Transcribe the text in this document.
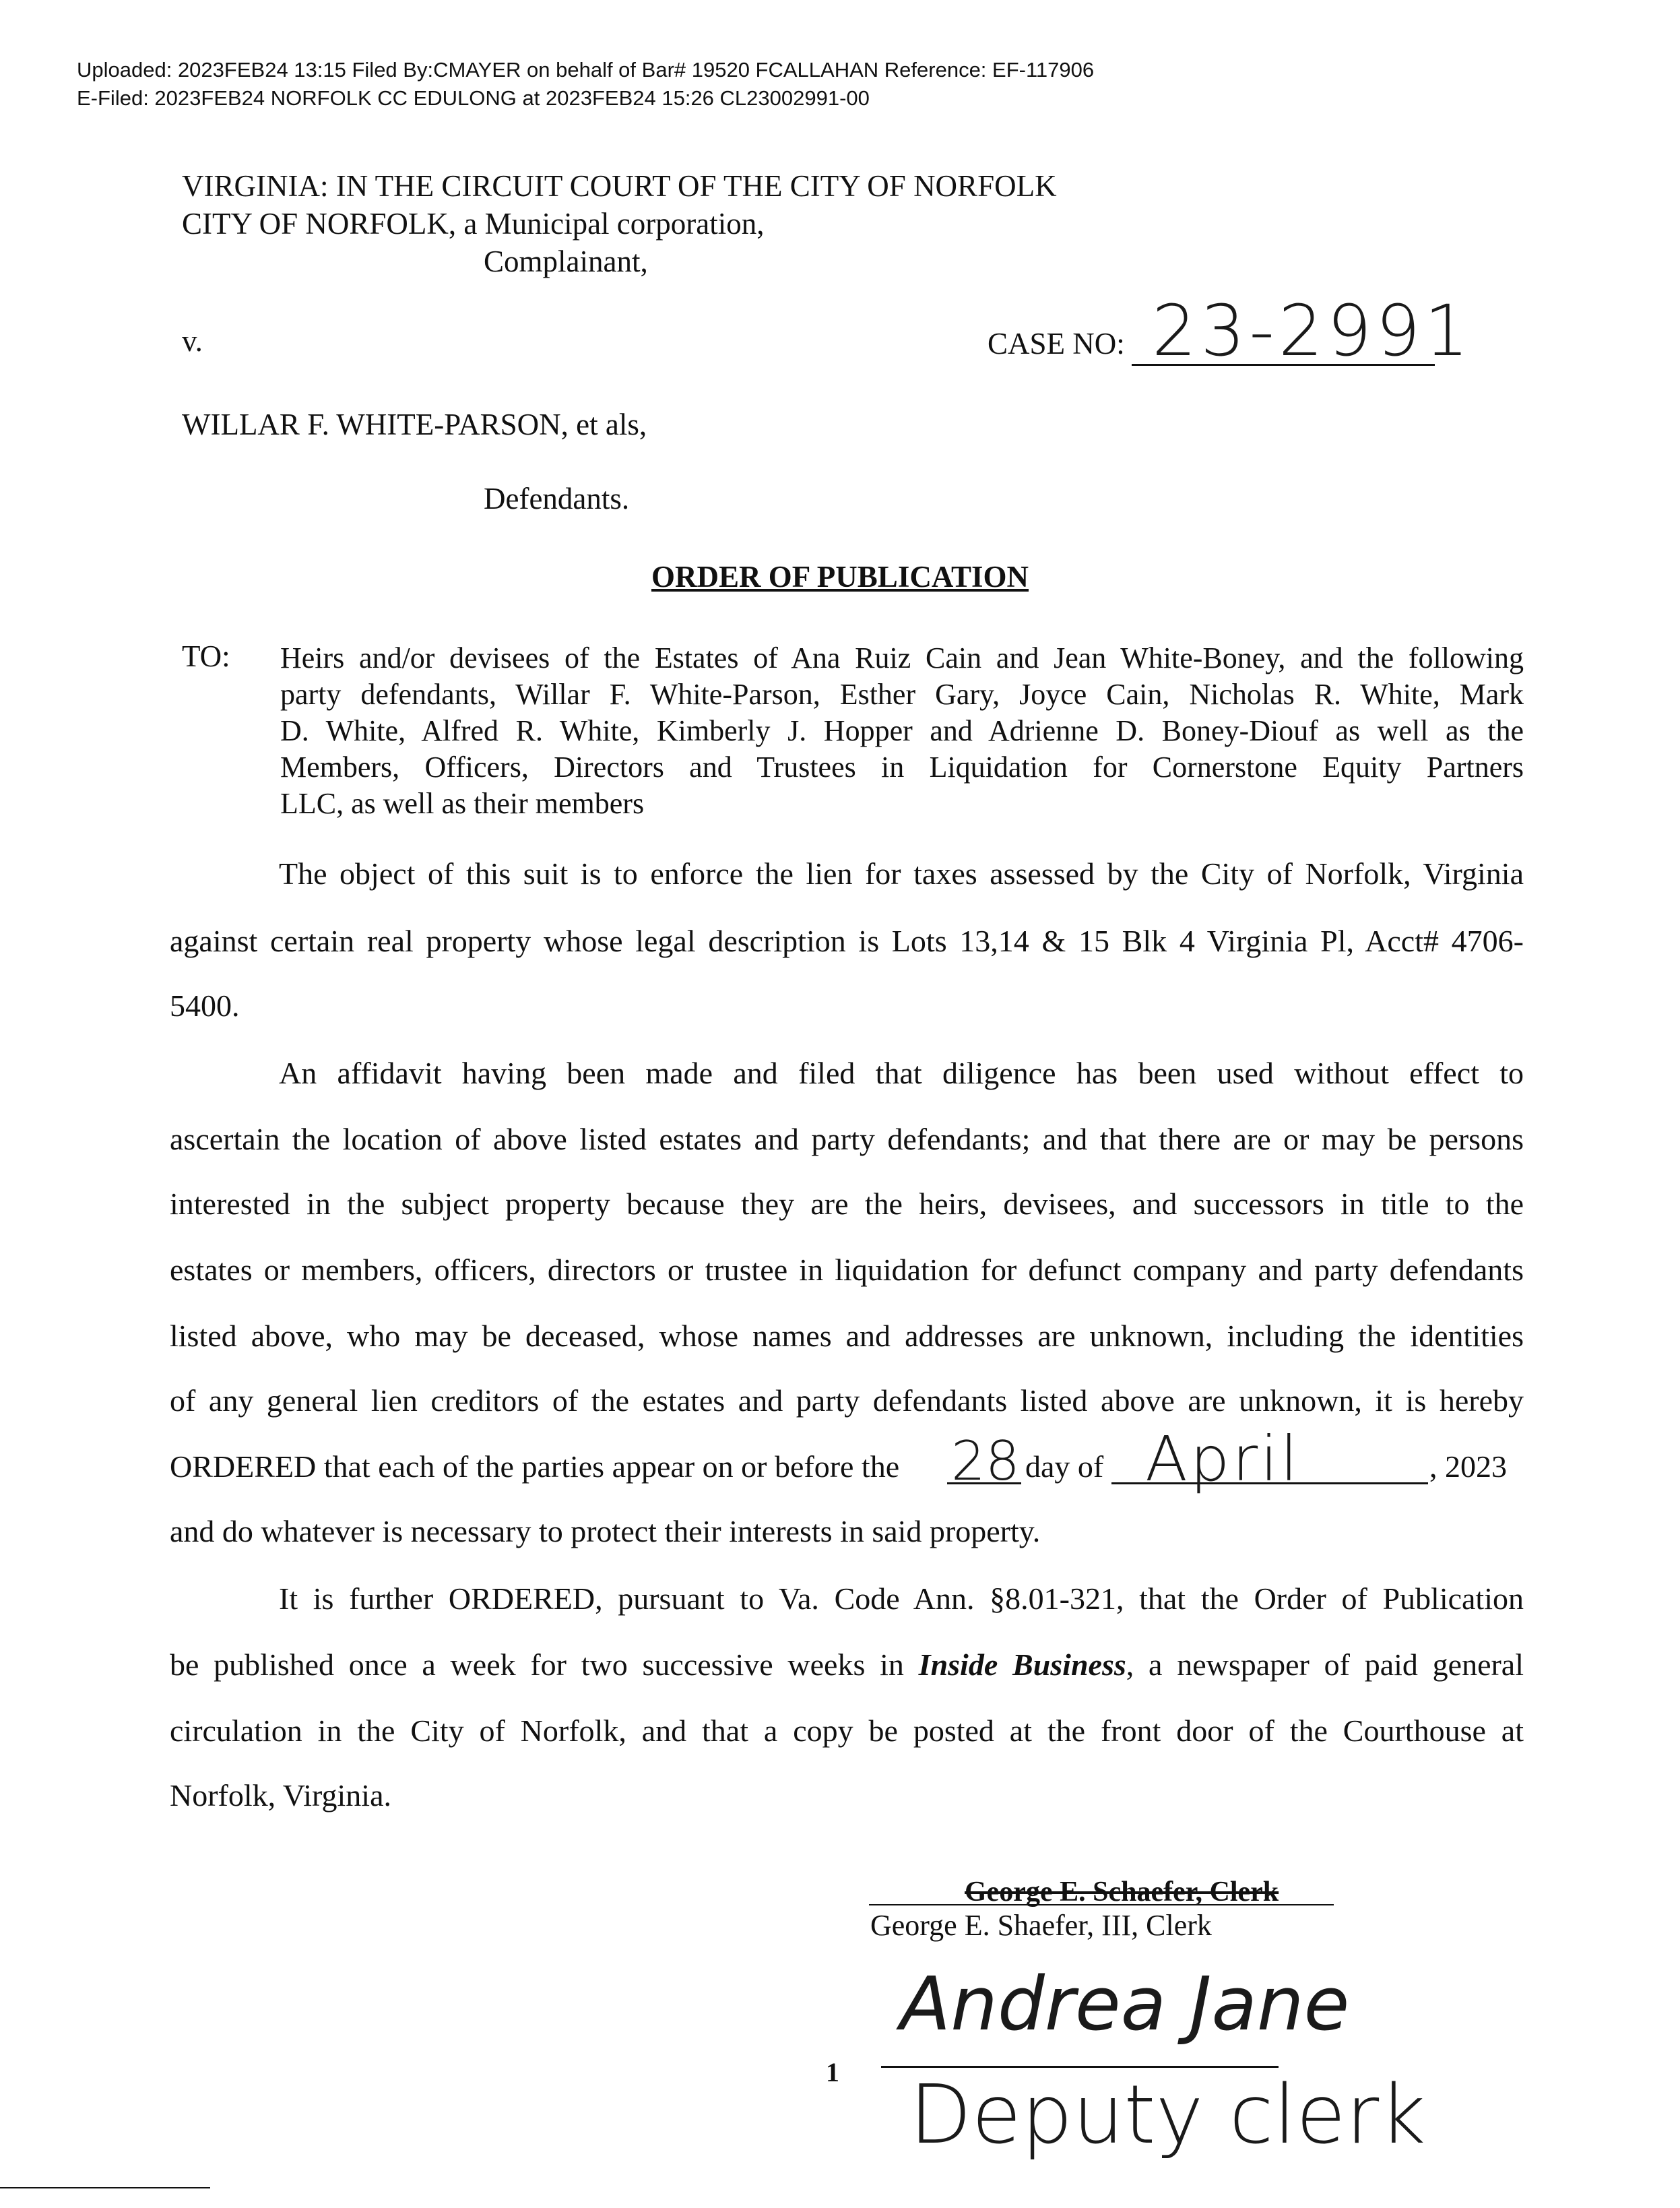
Uploaded: 2023FEB24 13:15 Filed By:CMAYER on behalf of Bar# 19520 FCALLAHAN Reference: EF-117906
E-Filed: 2023FEB24 NORFOLK CC EDULONG at 2023FEB24 15:26 CL23002991-00
VIRGINIA: IN THE CIRCUIT COURT OF THE CITY OF NORFOLK
CITY OF NORFOLK, a Municipal corporation,
Complainant,
v.	CASE NO: 23-2991
WILLAR F. WHITE-PARSON, et als,
Defendants.
ORDER OF PUBLICATION
TO: Heirs and/or devisees of the Estates of Ana Ruiz Cain and Jean White-Boney, and the following
party defendants, Willar F. White-Parson, Esther Gary, Joyce Cain, Nicholas R. White, Mark
D. White, Alfred R. White, Kimberly J. Hopper and Adrienne D. Boney-Diouf as well as the
Members, Officers, Directors and Trustees in Liquidation for Cornerstone Equity Partners
LLC, as well as their members
The object of this suit is to enforce the lien for taxes assessed by the City of Norfolk, Virginia
against certain real property whose legal description is Lots 13,14 & 15 Blk 4 Virginia Pl, Acct# 4706-
5400.
An affidavit having been made and filed that diligence has been used without effect to
ascertain the location of above listed estates and party defendants; and that there are or may be persons
interested in the subject property because they are the heirs, devisees, and successors in title to the
estates or members, officers, directors or trustee in liquidation for defunct company and party defendants
listed above, who may be deceased, whose names and addresses are unknown, including the identities
of any general lien creditors of the estates and party defendants listed above are unknown, it is hereby
ORDERED that each of the parties appear on or before the 28 day of April	, 2023
and do whatever is necessary to protect their interests in said property.
It is further ORDERED, pursuant to Va. Code Ann. §8.01-321, that the Order of Publication
be published once a week for two successive weeks in Inside Business, a newspaper of paid general
circulation in the City of Norfolk, and that a copy be posted at the front door of the Courthouse at
Norfolk, Virginia.
George E. Schaefer, Clerk
George E. Shaefer, III, Clerk
Andrea Jane
1 Deputy clerk
